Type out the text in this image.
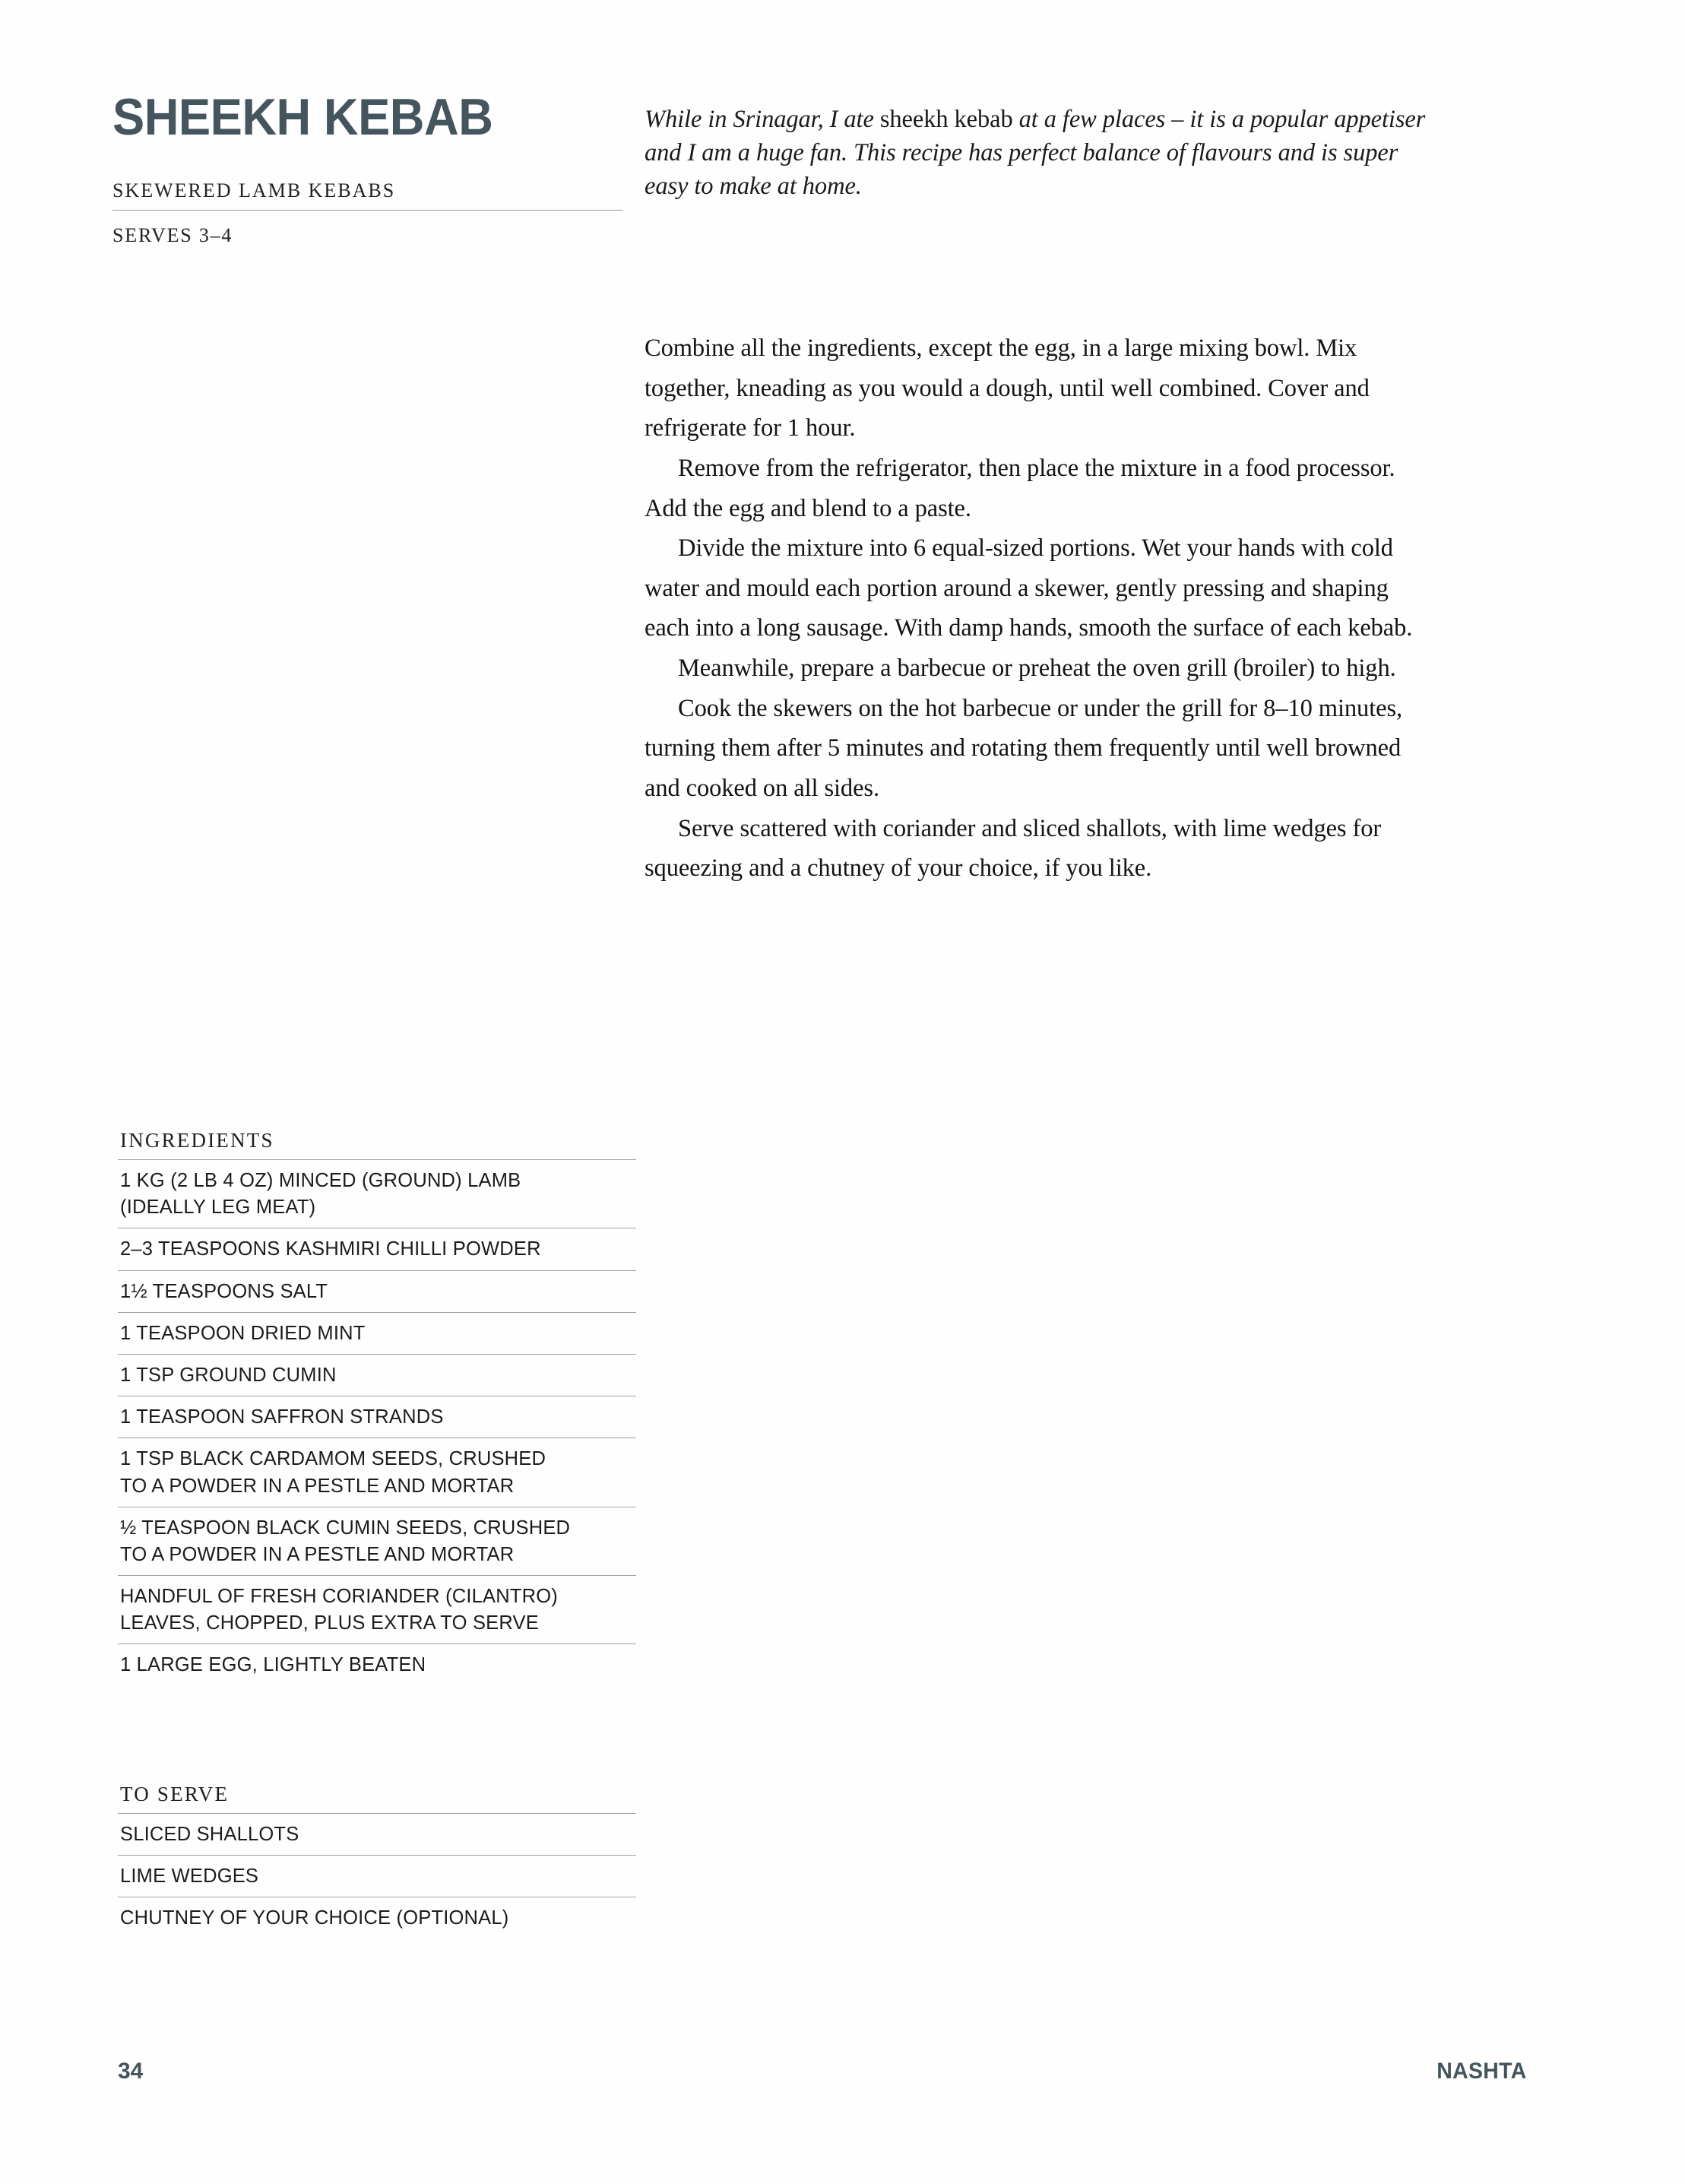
SHEEKH KEBAB
SKEWERED LAMB KEBABS
SERVES 3–4
INGREDIENTS
1 KG (2 LB 4 OZ) MINCED (GROUND) LAMB
(IDEALLY LEG MEAT)
2–3 TEASPOONS KASHMIRI CHILLI POWDER
1½ TEASPOONS SALT
1 TEASPOON DRIED MINT
1 TSP GROUND CUMIN
1 TEASPOON SAFFRON STRANDS
1 TSP BLACK CARDAMOM SEEDS, CRUSHED
TO A POWDER IN A PESTLE AND MORTAR
½ TEASPOON BLACK CUMIN SEEDS, CRUSHED
TO A POWDER IN A PESTLE AND MORTAR
HANDFUL OF FRESH CORIANDER (CILANTRO)
LEAVES, CHOPPED, PLUS EXTRA TO SERVE
1 LARGE EGG, LIGHTLY BEATEN
TO SERVE
SLICED SHALLOTS
LIME WEDGES
CHUTNEY OF YOUR CHOICE (OPTIONAL)

While in Srinagar, I ate sheekh kebab at a few places – it is a popular appetiser and I am a huge fan. This recipe has perfect balance of flavours and is super easy to make at home.

Combine all the ingredients, except the egg, in a large mixing bowl. Mix together, kneading as you would a dough, until well combined. Cover and refrigerate for 1 hour.

Remove from the refrigerator, then place the mixture in a food processor. Add the egg and blend to a paste.

Divide the mixture into 6 equal-sized portions. Wet your hands with cold water and mould each portion around a skewer, gently pressing and shaping each into a long sausage. With damp hands, smooth the surface of each kebab.

Meanwhile, prepare a barbecue or preheat the oven grill (broiler) to high.

Cook the skewers on the hot barbecue or under the grill for 8–10 minutes, turning them after 5 minutes and rotating them frequently until well browned and cooked on all sides.

Serve scattered with coriander and sliced shallots, with lime wedges for squeezing and a chutney of your choice, if you like.

34	NASHTA
